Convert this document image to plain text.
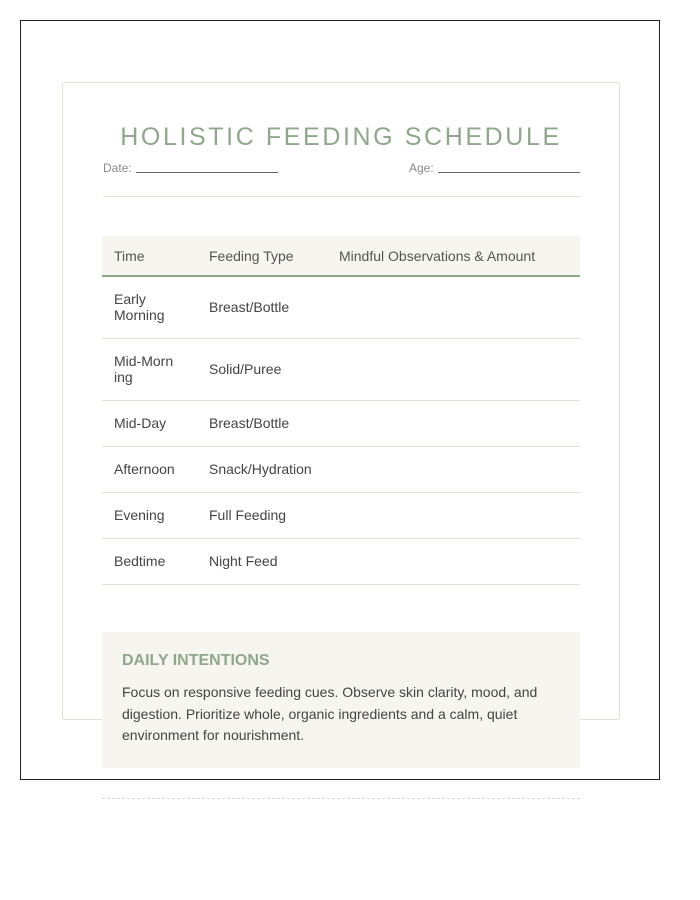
HOLISTIC FEEDING SCHEDULE
Date:	Age:
Time	Feeding Type	Mindful Observations & Amount
Early Morning	Breast/Bottle	
Mid-Morning	Solid/Puree	
Mid-Day	Breast/Bottle	
Afternoon	Snack/Hydration	
Evening	Full Feeding	
Bedtime	Night Feed	
DAILY INTENTIONS

Focus on responsive feeding cues. Observe skin clarity, mood, and digestion. Prioritize whole, organic ingredients and a calm, quiet environment for nourishment.
